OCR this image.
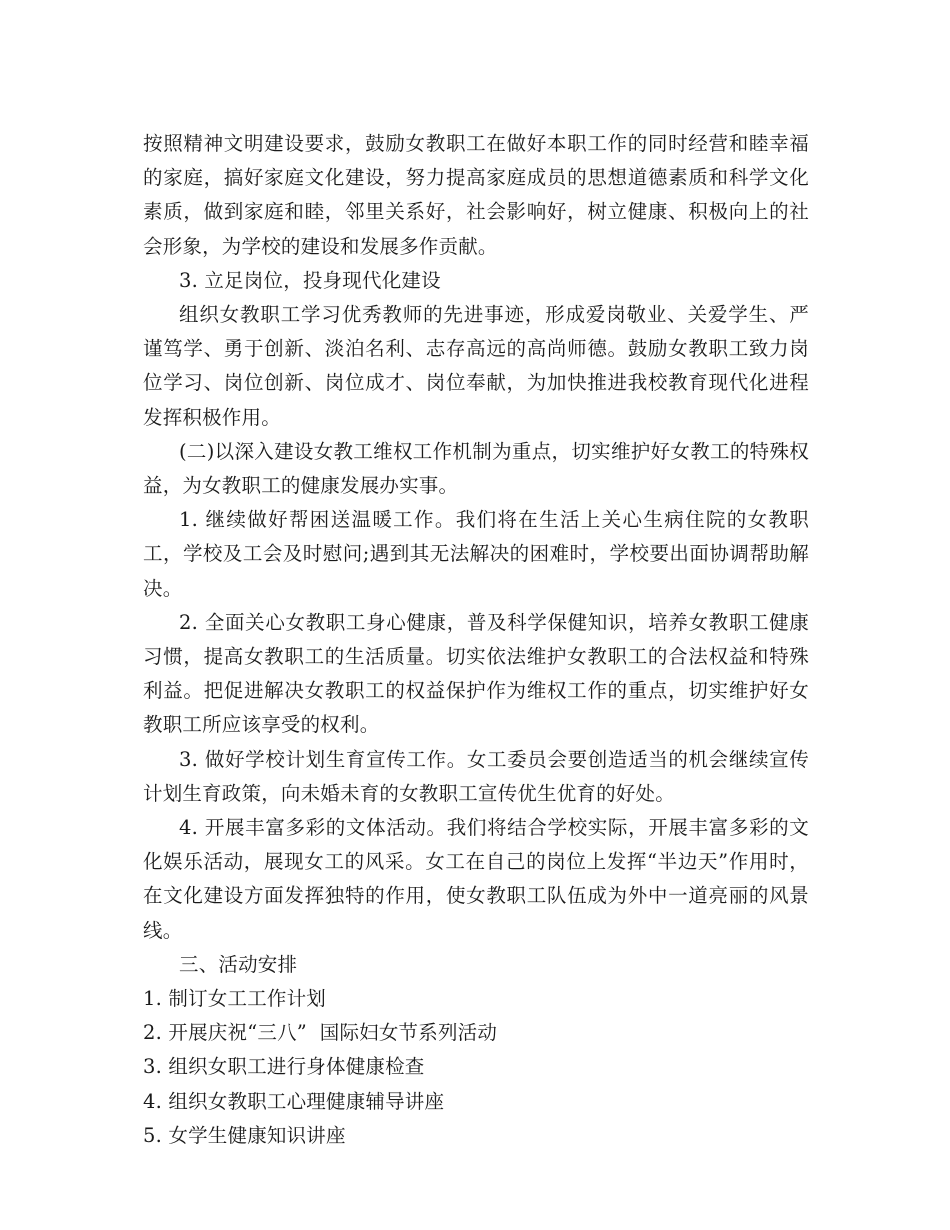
按照精神文明建设要求，鼓励女教职工在做好本职工作的同时经营和睦幸福的家庭，搞好家庭文化建设，努力提高家庭成员的思想道德素质和科学文化素质，做到家庭和睦，邻里关系好，社会影响好，树立健康、积极向上的社会形象，为学校的建设和发展多作贡献。

3. 立足岗位，投身现代化建设

组织女教职工学习优秀教师的先进事迹，形成爱岗敬业、关爱学生、严谨笃学、勇于创新、淡泊名利、志存高远的高尚师德。鼓励女教职工致力岗位学习、岗位创新、岗位成才、岗位奉献，为加快推进我校教育现代化进程发挥积极作用。

(二)以深入建设女教工维权工作机制为重点，切实维护好女教工的特殊权益，为女教职工的健康发展办实事。

1. 继续做好帮困送温暖工作。我们将在生活上关心生病住院的女教职工，学校及工会及时慰问;遇到其无法解决的困难时，学校要出面协调帮助解决。

2. 全面关心女教职工身心健康，普及科学保健知识，培养女教职工健康习惯，提高女教职工的生活质量。切实依法维护女教职工的合法权益和特殊利益。把促进解决女教职工的权益保护作为维权工作的重点，切实维护好女教职工所应该享受的权利。

3. 做好学校计划生育宣传工作。女工委员会要创造适当的机会继续宣传计划生育政策，向未婚未育的女教职工宣传优生优育的好处。

4. 开展丰富多彩的文体活动。我们将结合学校实际，开展丰富多彩的文化娱乐活动，展现女工的风采。女工在自己的岗位上发挥“半边天”作用时，在文化建设方面发挥独特的作用，使女教职工队伍成为外中一道亮丽的风景线。

三、活动安排

1. 制订女工工作计划

2. 开展庆祝“三八”  国际妇女节系列活动

3. 组织女职工进行身体健康检查

4. 组织女教职工心理健康辅导讲座

5. 女学生健康知识讲座
